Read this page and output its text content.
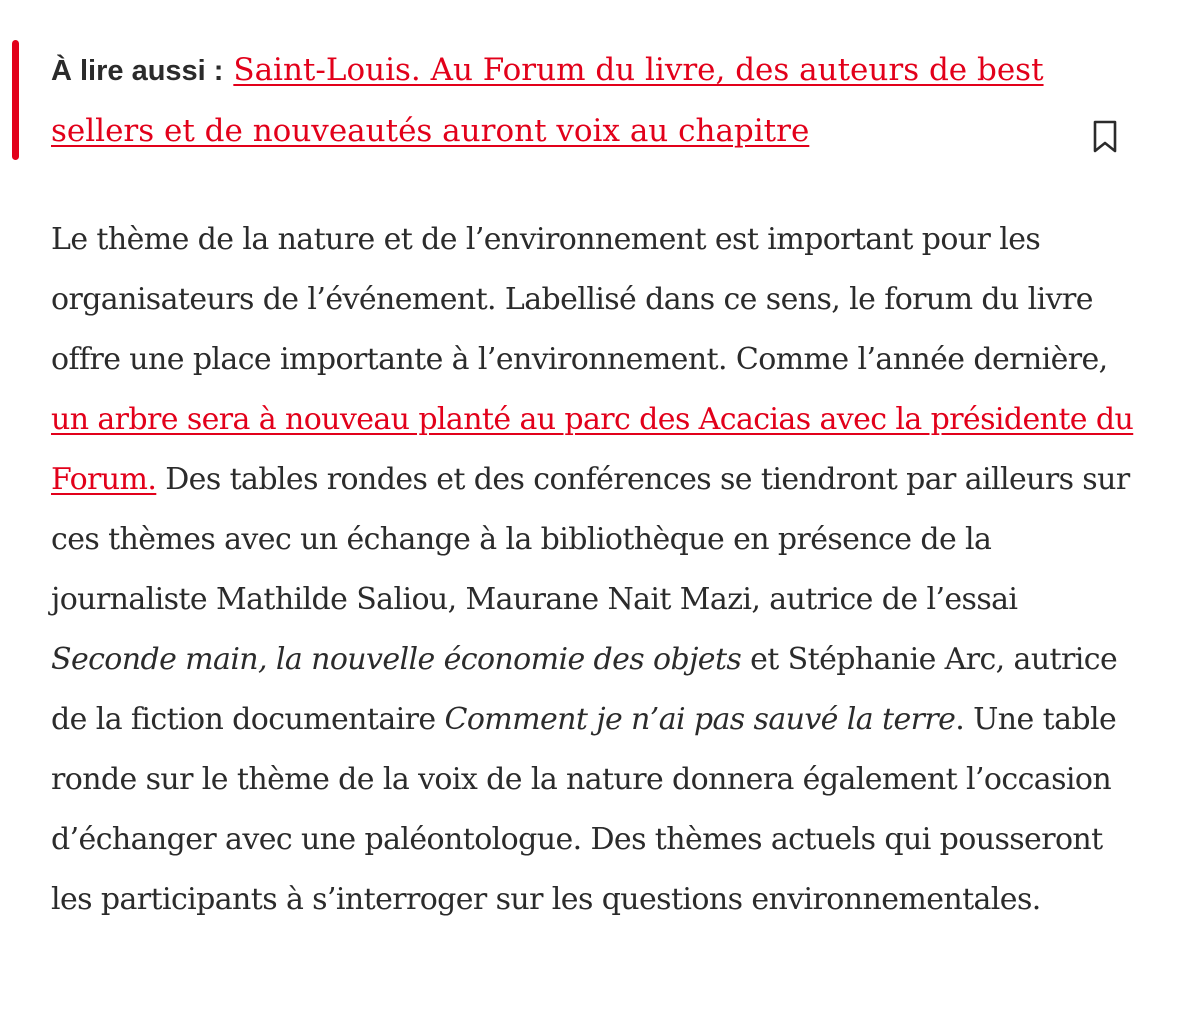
À lire aussi : Saint-Louis. Au Forum du livre, des auteurs de best sellers et de nouveautés auront voix au chapitre

Le thème de la nature et de l’environnement est important pour les organisateurs de l’événement. Labellisé dans ce sens, le forum du livre offre une place importante à l’environnement. Comme l’année dernière, un arbre sera à nouveau planté au parc des Acacias avec la présidente du Forum. Des tables rondes et des conférences se tiendront par ailleurs sur ces thèmes avec un échange à la bibliothèque en présence de la journaliste Mathilde Saliou, Maurane Nait Mazi, autrice de l’essai Seconde main, la nouvelle économie des objets et Stéphanie Arc, autrice de la fiction documentaire Comment je n’ai pas sauvé la terre. Une table ronde sur le thème de la voix de la nature donnera également l’occasion d’échanger avec une paléontologue. Des thèmes actuels qui pousseront les participants à s’interroger sur les questions environnementales.
